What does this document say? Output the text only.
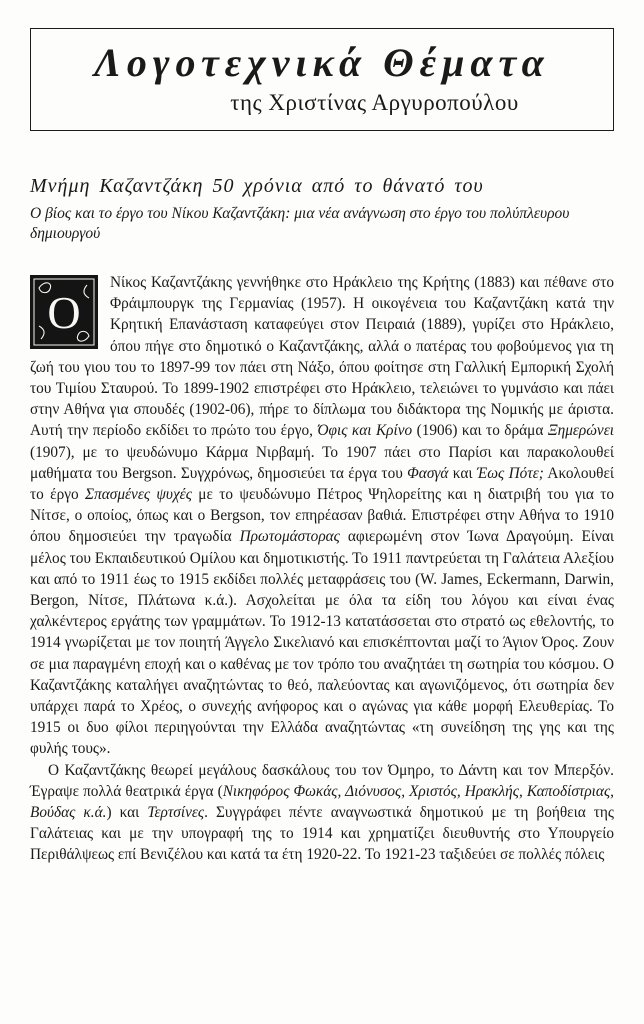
Λογοτεχνικά Θέματα
της Χριστίνας Αργυροπούλου
Μνήμη Καζαντζάκη 50 χρόνια από το θάνατό του

Ο βίος και το έργο του Νίκου Καζαντζάκη: μια νέα ανάγνωση στο έργο του πολύπλευρου δημιουργού

Ο
Νίκος Καζαντζάκης γεννήθηκε στο Ηράκλειο της Κρήτης (1883) και πέθανε στο Φράιμπουργκ της Γερμανίας (1957). Η οικογένεια του Καζαντζάκη κατά την Κρητική Επανάσταση καταφεύγει στον Πειραιά (1889), γυρίζει στο Ηράκλειο, όπου πήγε στο δημοτικό ο Καζαντζάκης, αλλά ο πατέρας του φοβούμενος για τη ζωή του γιου του το 1897-99 τον πάει στη Νάξο, όπου φοίτησε στη Γαλλική Εμπορική Σχολή του Τιμίου Σταυρού. Το 1899-1902 επιστρέφει στο Ηράκλειο, τελειώνει το γυμνάσιο και πάει στην Αθήνα για σπουδές (1902-06), πήρε το δίπλωμα του διδάκτορα της Νομικής με άριστα. Αυτή την περίοδο εκδίδει το πρώτο του έργο, Όφις και Κρίνο (1906) και το δράμα Ξημερώνει (1907), με το ψευδώνυμο Κάρμα Νιρβαμή. Το 1907 πάει στο Παρίσι και παρακολουθεί μαθήματα του Bergson. Συγχρόνως, δημοσιεύει τα έργα του Φασγά και Έως Πότε; Ακολουθεί το έργο Σπασμένες ψυχές με το ψευδώνυμο Πέτρος Ψηλορείτης και η διατριβή του για το Νίτσε, ο οποίος, όπως και ο Bergson, τον επηρέασαν βαθιά. Επιστρέφει στην Αθήνα το 1910 όπου δημοσιεύει την τραγωδία Πρωτομάστορας αφιερωμένη στον Ίωνα Δραγούμη. Είναι μέλος του Εκπαιδευτικού Ομίλου και δημοτικιστής. Το 1911 παντρεύεται τη Γαλάτεια Αλεξίου και από το 1911 έως το 1915 εκδίδει πολλές μεταφράσεις του (W. James, Eckermann, Darwin, Bergon, Νίτσε, Πλάτωνα κ.ά.). Ασχολείται με όλα τα είδη του λόγου και είναι ένας χαλκέντερος εργάτης των γραμμάτων. Το 1912-13 κατατάσσεται στο στρατό ως εθελοντής, το 1914 γνωρίζεται με τον ποιητή Άγγελο Σικελιανό και επισκέπτονται μαζί το Άγιον Όρος. Ζουν σε μια παραγμένη εποχή και ο καθένας με τον τρόπο του αναζητάει τη σωτηρία του κόσμου. Ο Καζαντζάκης καταλήγει αναζητώντας το θεό, παλεύοντας και αγωνιζόμενος, ότι σωτηρία δεν υπάρχει παρά το Χρέος, ο συνεχής ανήφορος και ο αγώνας για κάθε μορφή Ελευθερίας. Το 1915 οι δυο φίλοι περιηγούνται την Ελλάδα αναζητώντας «τη συνείδηση της γης και της φυλής τους».

Ο Καζαντζάκης θεωρεί μεγάλους δασκάλους του τον Όμηρο, το Δάντη και τον Μπερξόν. Έγραψε πολλά θεατρικά έργα (Νικηφόρος Φωκάς, Διόνυσος, Χριστός, Ηρακλής, Καποδίστριας, Βούδας κ.ά.) και Τερτσίνες. Συγγράφει πέντε αναγνωστικά δημοτικού με τη βοήθεια της Γαλάτειας και με την υπογραφή της το 1914 και χρηματίζει διευθυντής στο Υπουργείο Περιθάλψεως επί Βενιζέλου και κατά τα έτη 1920-22. Το 1921-23 ταξιδεύει σε πολλές πόλεις
